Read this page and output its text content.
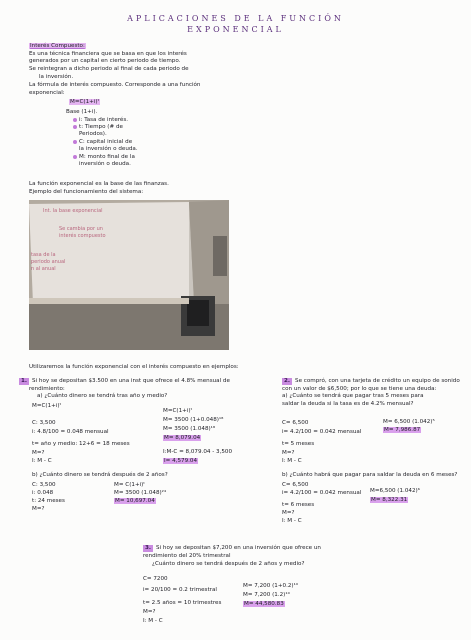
APLICACIONES DE LA FUNCIÓN
EXPONENCIAL
Interés Compuesto:
Es una técnica financiera que se basa en que los interés
generados por un capital en cierto periodo de tiempo.
Se reintegran a dicho periodo al final de cada periodo de
la inversión.
La fórmula de interés compuesto. Corresponde a una función
exponencial:
M=C(1+i)ᵗ
Base (1+i).
i: Tasa de interés.
t: Tiempo (# de
Periodos).
C: capital inicial de
la inversión o deuda.
M: monto final de la
inversión o deuda.
La función exponencial es la base de las finanzas.
Ejemplo del funcionamiento del sistema:
Int. la base exponencial
Se cambia por un
interés compuesto
tasa de la
periodo anual
n al anual
Utilizaremos la función exponencial con el interés compuesto en ejemplos:
1. Si hoy se depositan $3.500 en una inst que ofrece el 4.8% mensual de
rendimiento:
a) ¿Cuánto dinero se tendrá tras año y medio?
M=C(1+i)ᵗ
C: 3,500
i: 4.8/100 = 0.048 mensual
t= año y medio: 12+6 = 18 meses
M=?
I: M - C
M=C(1+i)ᵗ
M= 3500 (1+0.048)¹⁸
M= 3500 (1.048)¹⁸
M= 8,079.04
I:M-C = 8,079.04 - 3,500
I= 4,579.04
b) ¿Cuánto dinero se tendrá después de 2 años?
C: 3,500
i: 0.048
t: 24 meses
M=?
M= C(1+i)ᵗ
M= 3500 (1.048)²⁴
M= 10,697.04
2. Se compró, con una tarjeta de crédito un equipo de sonido
con un valor de $6,500; por lo que se tiene una deuda:
a) ¿Cuánto se tendrá que pagar tras 5 meses para
saldar la deuda si la tasa es de 4.2% mensual?
C= 6,500
i= 4.2/100 = 0.042 mensual
t= 5 meses
M=?
I: M - C
M= 6,500 (1.042)⁵
M= 7,986.87
b) ¿Cuánto habrá que pagar para saldar la deuda en 6 meses?
C= 6,500
i= 4.2/100 = 0.042 mensual
t= 6 meses
M=?
I: M - C
M=6,500 (1.042)⁶
M= 8,322.31
3. Si hoy se depositan $7,200 en una inversión que ofrece un
rendimiento del 20% trimestral
¿Cuánto dinero se tendrá después de 2 años y medio?
C= 7200
i= 20/100 = 0.2 trimestral
t= 2.5 años = 10 trimestres
M=?
I: M - C
M= 7,200 (1+0.2)¹⁰
M= 7,200 (1.2)¹⁰
M= 44,580.83
